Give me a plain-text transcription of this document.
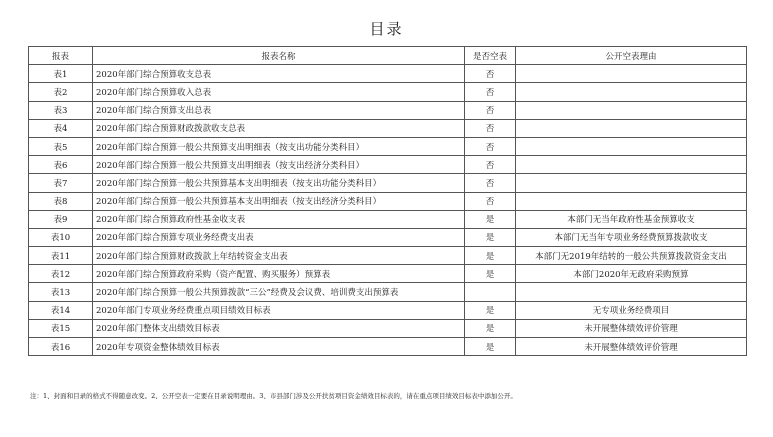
目录
报表	报表名称	是否空表	公开空表理由
表1	2020年部门综合预算收支总表	否	
表2	2020年部门综合预算收入总表	否	
表3	2020年部门综合预算支出总表	否	
表4	2020年部门综合预算财政拨款收支总表	否	
表5	2020年部门综合预算一般公共预算支出明细表（按支出功能分类科目）	否	
表6	2020年部门综合预算一般公共预算支出明细表（按支出经济分类科目）	否	
表7	2020年部门综合预算一般公共预算基本支出明细表（按支出功能分类科目）	否	
表8	2020年部门综合预算一般公共预算基本支出明细表（按支出经济分类科目）	否	
表9	2020年部门综合预算政府性基金收支表	是	本部门无当年政府性基金预算收支
表10	2020年部门综合预算专项业务经费支出表	是	本部门无当年专项业务经费预算拨款收支
表11	2020年部门综合预算财政拨款上年结转资金支出表	是	本部门无2019年结转的一般公共预算拨款资金支出
表12	2020年部门综合预算政府采购（资产配置、购买服务）预算表	是	本部门2020年无政府采购预算
表13	2020年部门综合预算一般公共预算拨款“三公”经费及会议费、培训费支出预算表		
表14	2020年部门专项业务经费重点项目绩效目标表	是	无专项业务经费项目
表15	2020年部门整体支出绩效目标表	是	未开展整体绩效评价管理
表16	2020年专项资金整体绩效目标表	是	未开展整体绩效评价管理
注：1、封面和目录的格式不得随意改变。2、公开空表一定要在目录说明理由。3、市县部门涉及公开扶贫项目资金绩效目标表的，请在重点项目绩效目标表中添加公开。
